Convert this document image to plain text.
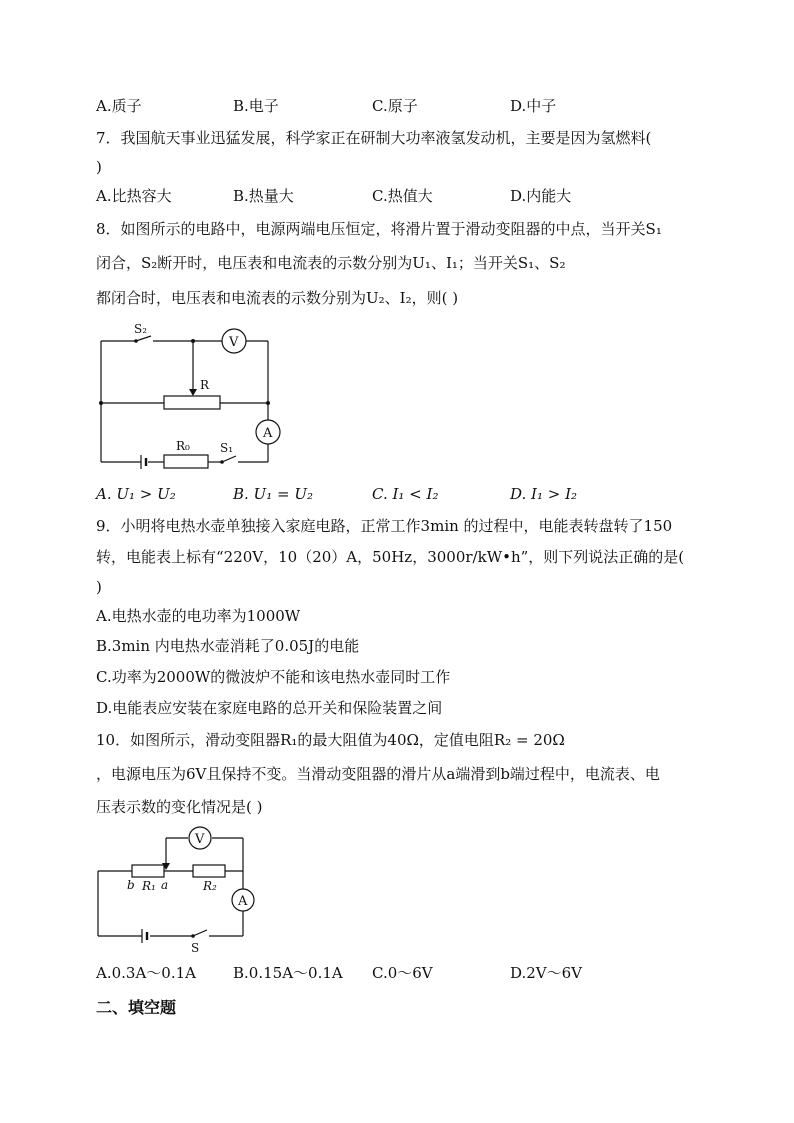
A.质子	B.电子	C.原子	D.中子
7．我国航天事业迅猛发展，科学家正在研制大功率液氢发动机，主要是因为氢燃料(
)
A.比热容大	B.热量大	C.热值大	D.内能大
8．如图所示的电路中，电源两端电压恒定，将滑片置于滑动变阻器的中点，当开关S₁
闭合，S₂断开时，电压表和电流表的示数分别为U₁、I₁；当开关S₁、S₂
都闭合时，电压表和电流表的示数分别为U₂、I₂，则( )
S₂
V
R
A
R₀	S₁
A. U₁ > U₂	B. U₁ = U₂	C. I₁ < I₂	D. I₁ > I₂
9．小明将电热水壶单独接入家庭电路，正常工作3min 的过程中，电能表转盘转了150
转，电能表上标有“220V，10（20）A，50Hz，3000r/kW•h”，则下列说法正确的是(
)
A.电热水壶的电功率为1000W
B.3min 内电热水壶消耗了0.05J的电能
C.功率为2000W的微波炉不能和该电热水壶同时工作
D.电能表应安装在家庭电路的总开关和保险装置之间
10．如图所示，滑动变阻器R₁的最大阻值为40Ω，定值电阻R₂ = 20Ω
，电源电压为6V且保持不变。当滑动变阻器的滑片从a端滑到b端过程中，电流表、电
压表示数的变化情况是( )
V
b R₁ a	R₂
A
S
A.0.3A～0.1A B.0.15A～0.1A C.0～6V	D.2V～6V
二、填空题
